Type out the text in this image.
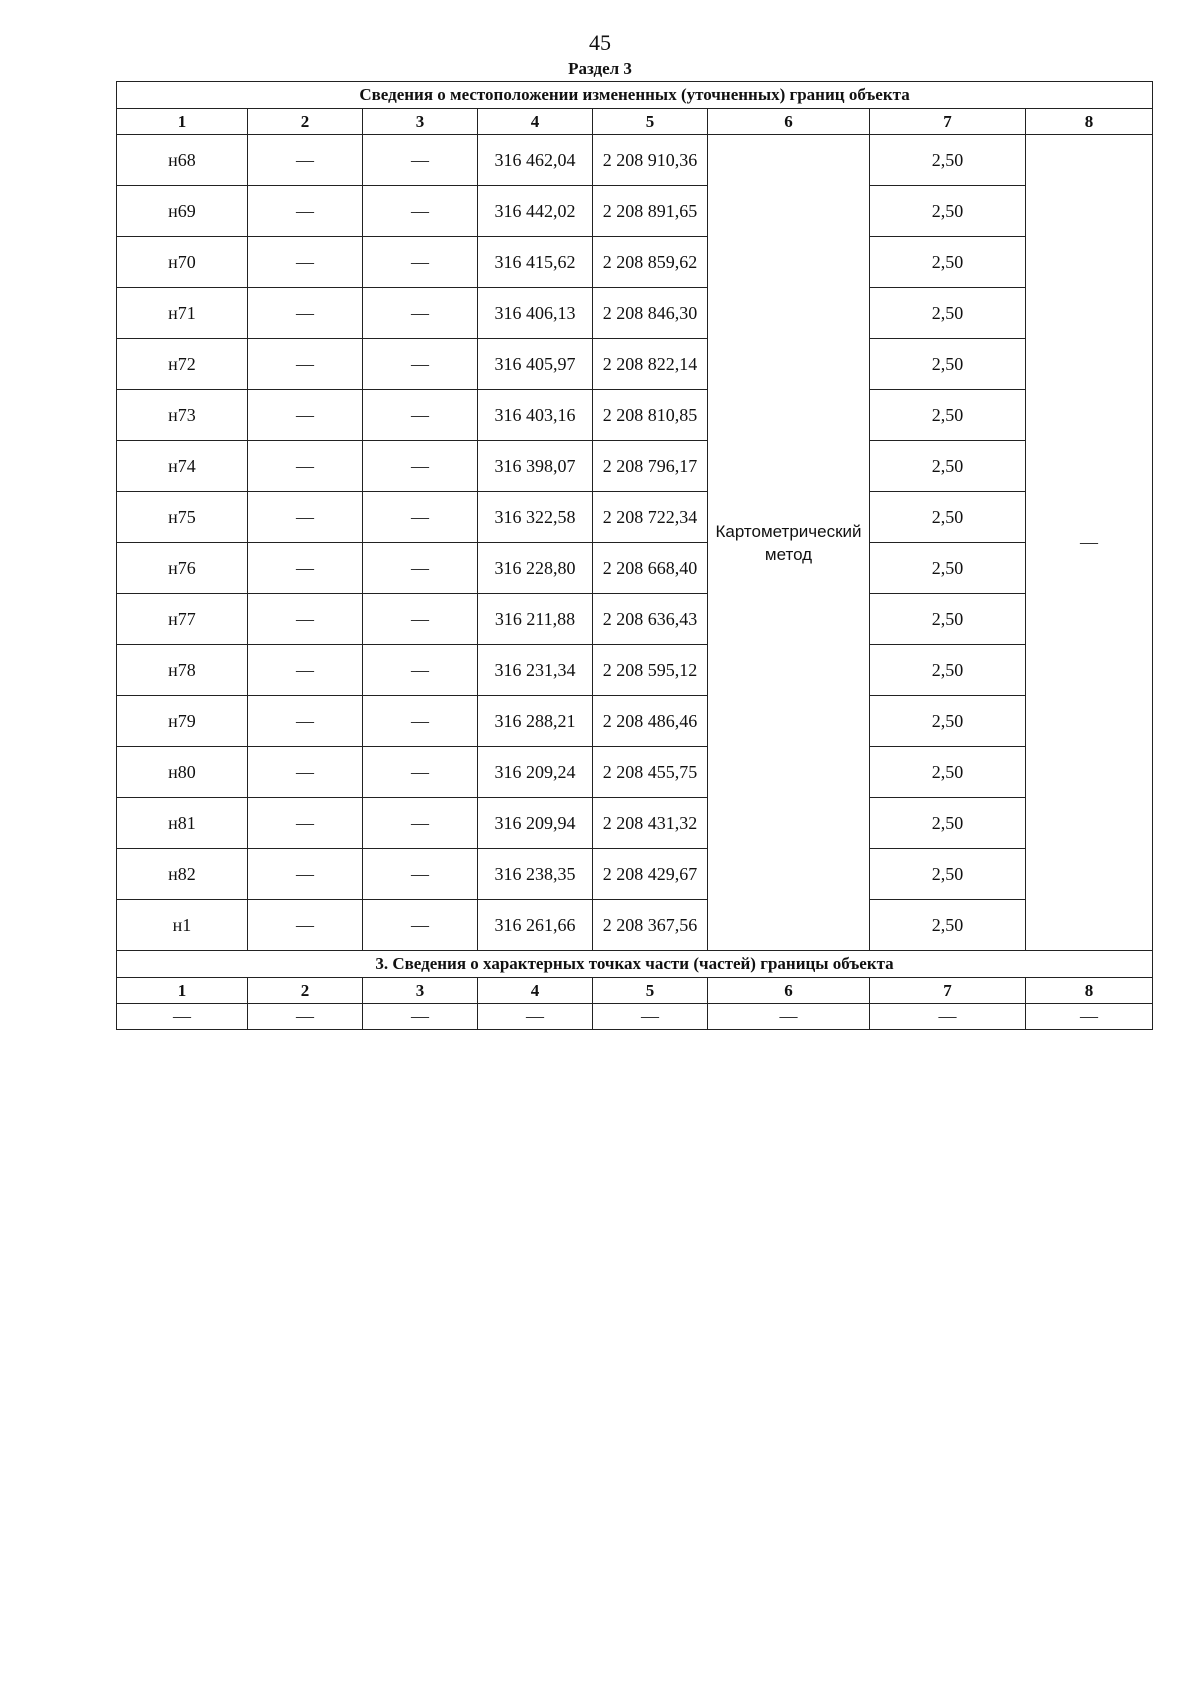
45
Раздел 3
Сведения о местоположении измененных (уточненных) границ объекта							
1	2	3	4	5	6	7	8
н68	—	—	316 462,04	2 208 910,36	Картометрический метод	2,50	—
н69	—	—	316 442,02	2 208 891,65		2,50	
н70	—	—	316 415,62	2 208 859,62		2,50	
н71	—	—	316 406,13	2 208 846,30		2,50	
н72	—	—	316 405,97	2 208 822,14		2,50	
н73	—	—	316 403,16	2 208 810,85		2,50	
н74	—	—	316 398,07	2 208 796,17		2,50	
н75	—	—	316 322,58	2 208 722,34		2,50	
н76	—	—	316 228,80	2 208 668,40		2,50	
н77	—	—	316 211,88	2 208 636,43		2,50	
н78	—	—	316 231,34	2 208 595,12		2,50	
н79	—	—	316 288,21	2 208 486,46		2,50	
н80	—	—	316 209,24	2 208 455,75		2,50	
н81	—	—	316 209,94	2 208 431,32		2,50	
н82	—	—	316 238,35	2 208 429,67		2,50	
н1	—	—	316 261,66	2 208 367,56		2,50	
3. Сведения о характерных точках части (частей) границы объекта							
1	2	3	4	5	6	7	8
—	—	—	—	—	—	—	—
